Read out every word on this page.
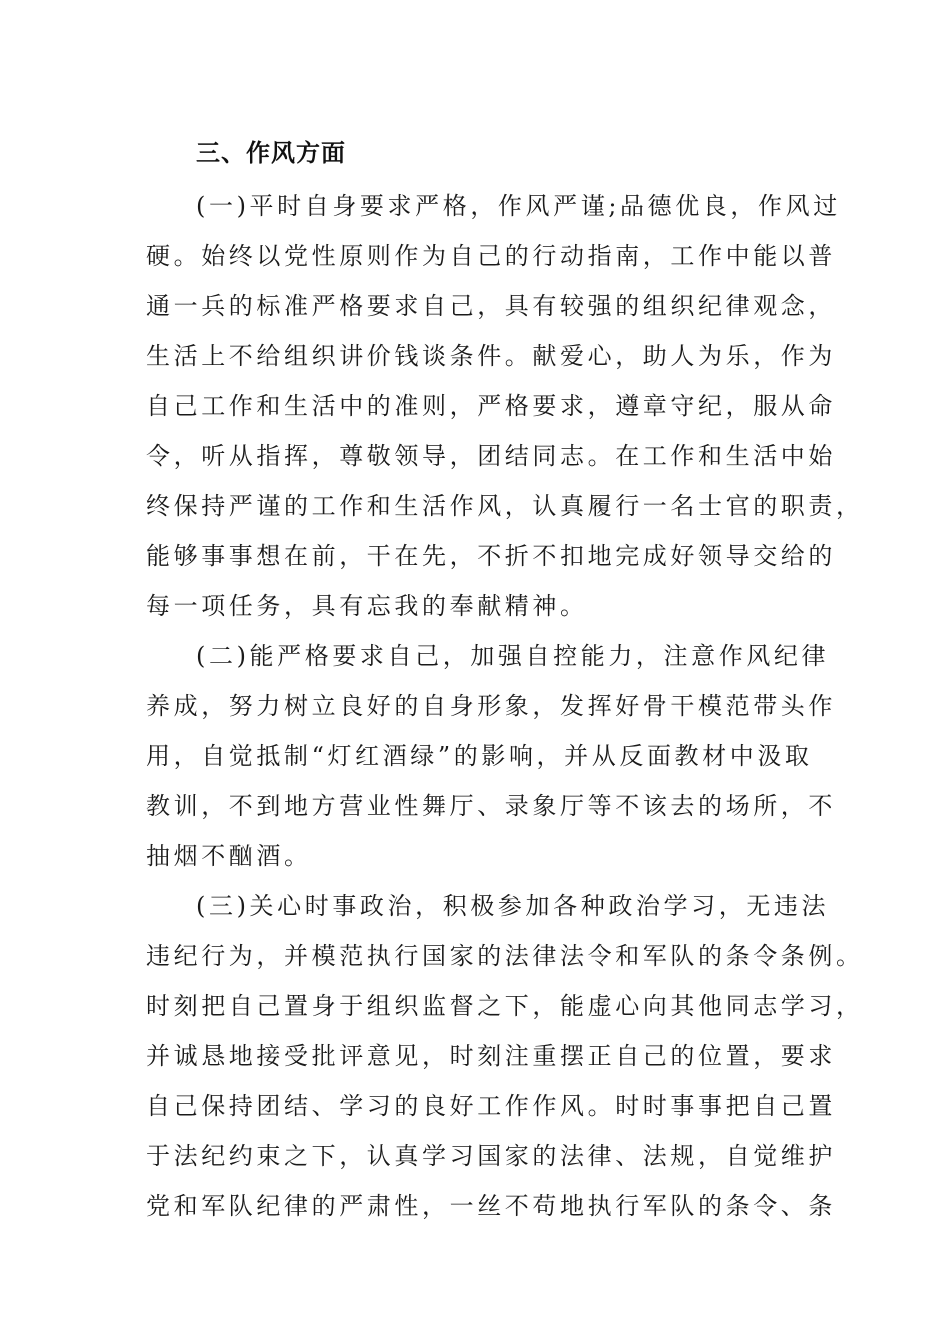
三、作风方面
(一)平时自身要求严格，作风严谨;品德优良，作风过
硬。始终以党性原则作为自己的行动指南，工作中能以普
通一兵的标准严格要求自己，具有较强的组织纪律观念，
生活上不给组织讲价钱谈条件。献爱心，助人为乐，作为
自己工作和生活中的准则，严格要求，遵章守纪，服从命
令，听从指挥，尊敬领导，团结同志。在工作和生活中始
终保持严谨的工作和生活作风，认真履行一名士官的职责，
能够事事想在前，干在先，不折不扣地完成好领导交给的
每一项任务，具有忘我的奉献精神。
(二)能严格要求自己，加强自控能力，注意作风纪律
养成，努力树立良好的自身形象，发挥好骨干模范带头作
用，自觉抵制“灯红酒绿”的影响，并从反面教材中汲取
教训，不到地方营业性舞厅、录象厅等不该去的场所，不
抽烟不酗酒。
(三)关心时事政治，积极参加各种政治学习，无违法
违纪行为，并模范执行国家的法律法令和军队的条令条例。
时刻把自己置身于组织监督之下，能虚心向其他同志学习，
并诚恳地接受批评意见，时刻注重摆正自己的位置，要求
自己保持团结、学习的良好工作作风。时时事事把自己置
于法纪约束之下，认真学习国家的法律、法规，自觉维护
党和军队纪律的严肃性，一丝不苟地执行军队的条令、条
